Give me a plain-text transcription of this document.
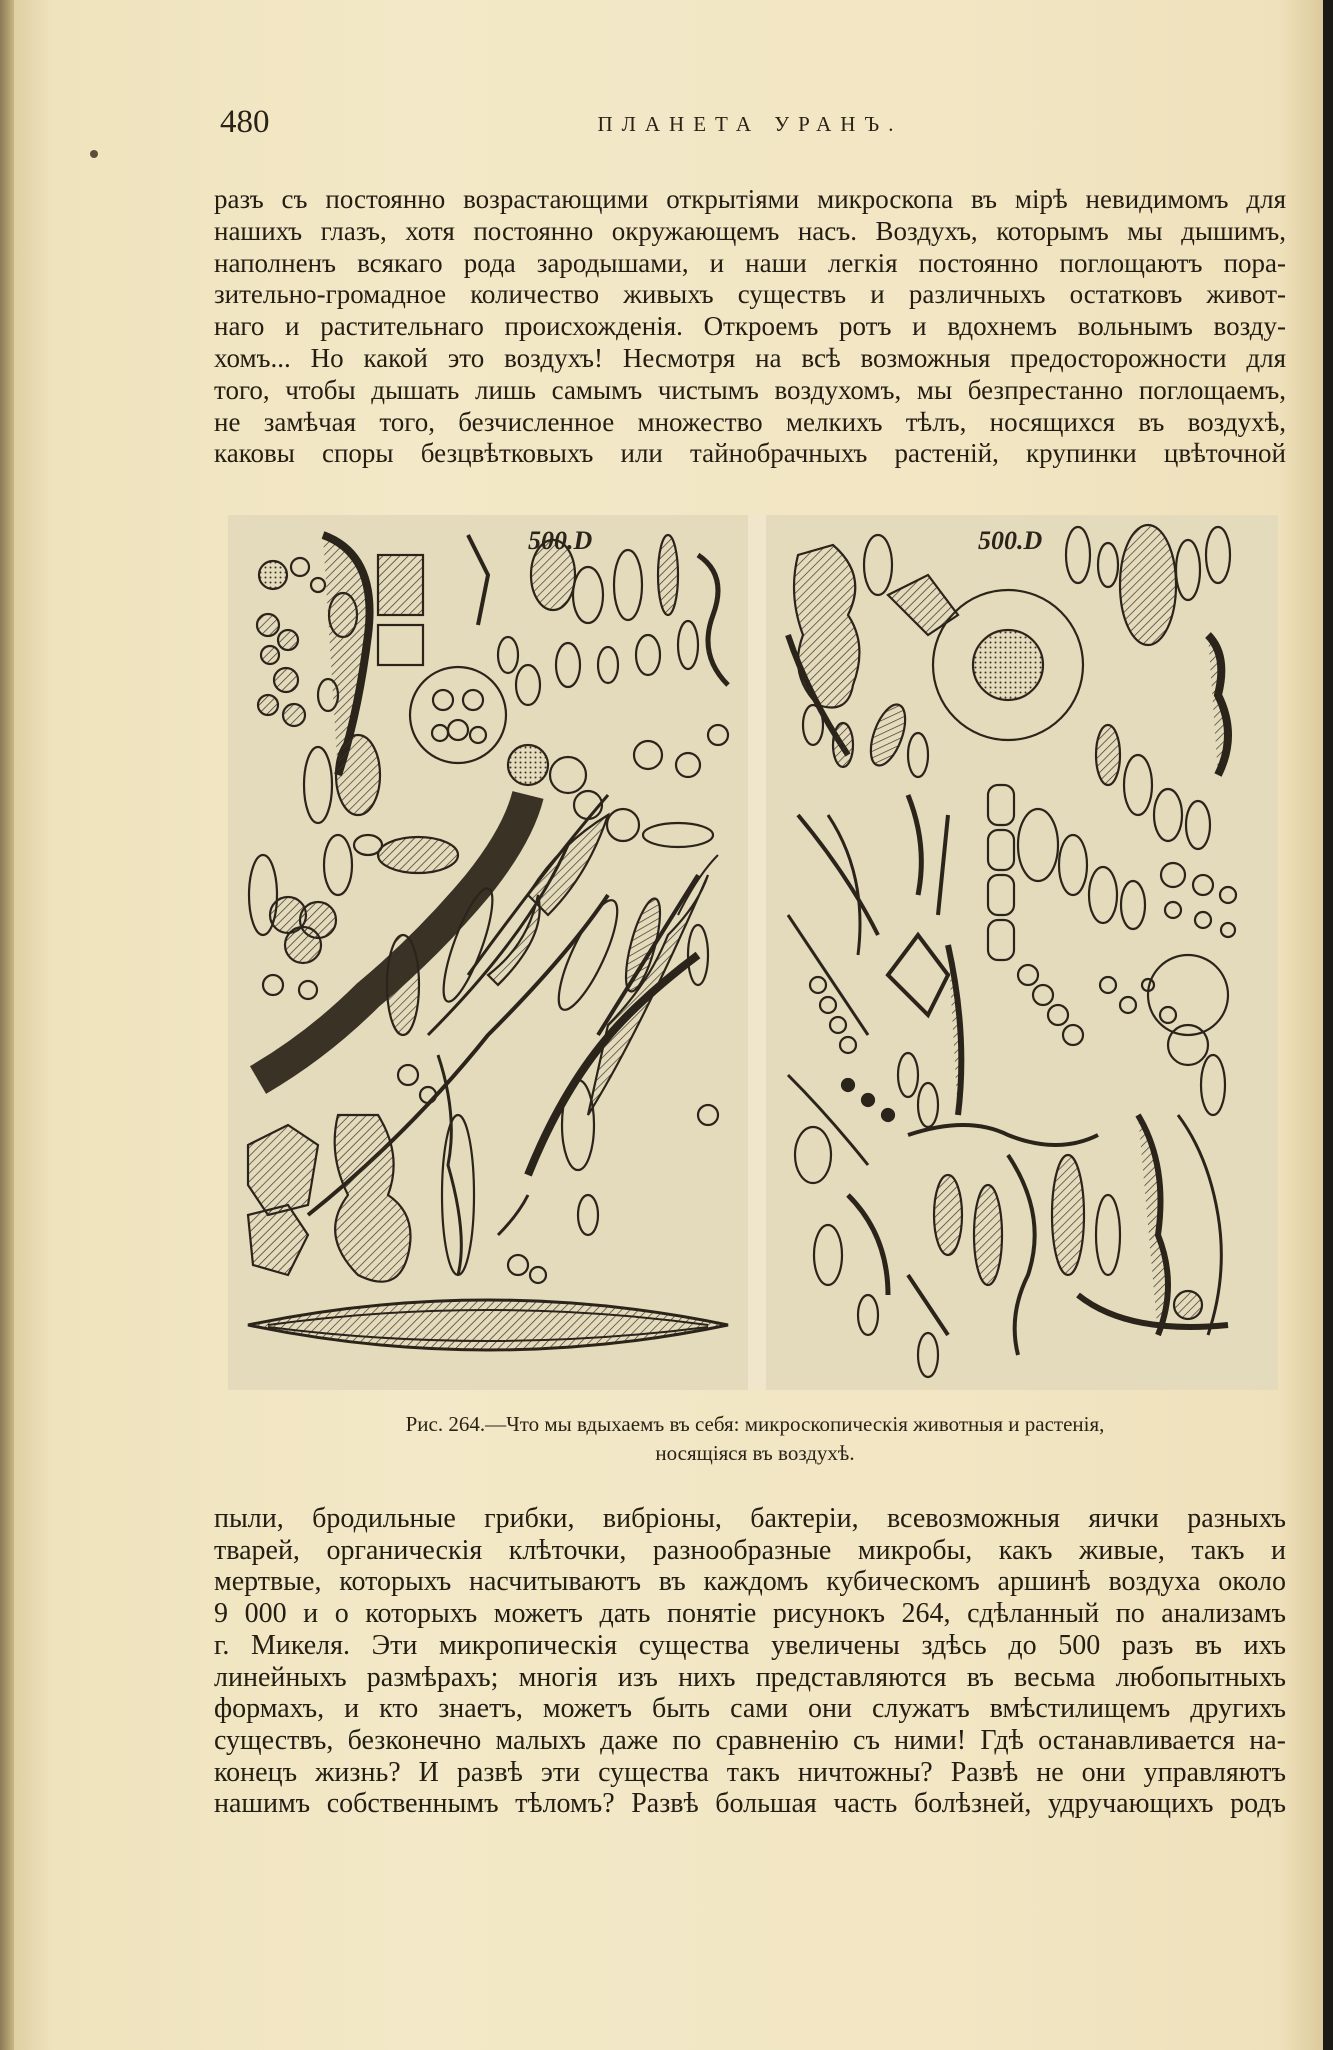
480	ПЛАНЕТА УРАНЪ.
разъ съ постоянно возрастающими открытіями микроскопа въ мірѣ невидимомъ для
нашихъ глазъ, хотя постоянно окружающемъ насъ. Воздухъ, которымъ мы дышимъ,
наполненъ всякаго рода зародышами, и наши легкія постоянно поглощаютъ пора-
зительно-громадное количество живыхъ существъ и различныхъ остатковъ живот-
наго и растительнаго происхожденія. Откроемъ ротъ и вдохнемъ вольнымъ возду-
хомъ... Но какой это воздухъ! Несмотря на всѣ возможныя предосторожности для
того, чтобы дышать лишь самымъ чистымъ воздухомъ, мы безпрестанно поглощаемъ,
не замѣчая того, безчисленное множество мелкихъ тѣлъ, носящихся въ воздухѣ,
каковы споры безцвѣтковыхъ или тайнобрачныхъ растеній, крупинки цвѣточной
500.D	500.D
Рис. 264.—Что мы вдыхаемъ въ себя: микроскопическія животныя и растенія,
носящіяся въ воздухѣ.
пыли, бродильные грибки, вибріоны, бактеріи, всевозможныя яички разныхъ
тварей, органическія клѣточки, разнообразные микробы, какъ живые, такъ и
мертвые, которыхъ насчитываютъ въ каждомъ кубическомъ аршинѣ воздуха около
9 000 и о которыхъ можетъ дать понятіе рисунокъ 264, сдѣланный по анализамъ
г. Микеля. Эти микропическія существа увеличены здѣсь до 500 разъ въ ихъ
линейныхъ размѣрахъ; многія изъ нихъ представляются въ весьма любопытныхъ
формахъ, и кто знаетъ, можетъ быть сами они служатъ вмѣстилищемъ другихъ
существъ, безконечно малыхъ даже по сравненію съ ними! Гдѣ останавливается на-
конецъ жизнь? И развѣ эти существа такъ ничтожны? Развѣ не они управляютъ
нашимъ собственнымъ тѣломъ? Развѣ большая часть болѣзней, удручающихъ родъ
